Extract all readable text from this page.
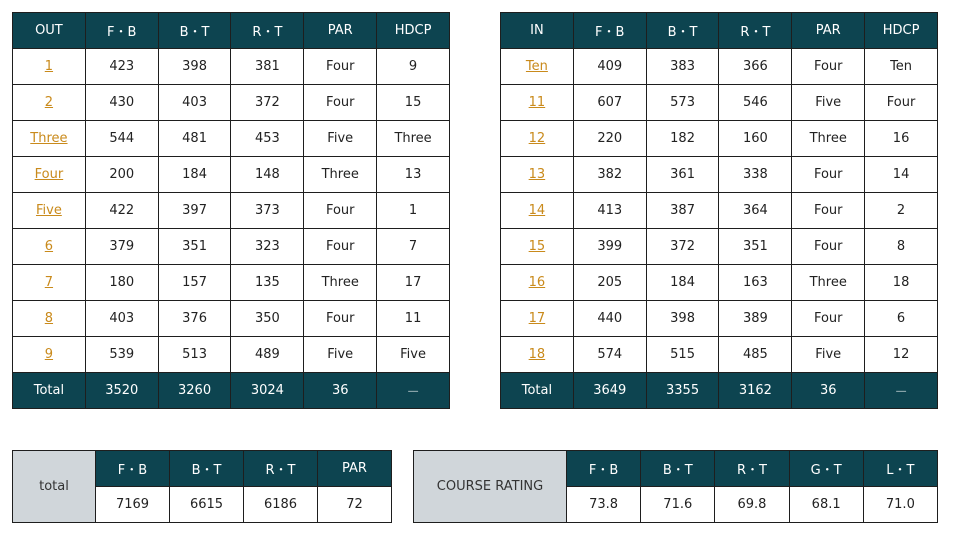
OUT	F・B	B・T	R・T	PAR	HDCP
1	423	398	381	Four	9
2	430	403	372	Four	15
Three	544	481	453	Five	Three
Four	200	184	148	Three	13
Five	422	397	373	Four	1
6	379	351	323	Four	7
7	180	157	135	Three	17
8	403	376	350	Four	11
9	539	513	489	Five	Five
Total	3520	3260	3024	36	－
IN	F・B	B・T	R・T	PAR	HDCP
Ten	409	383	366	Four	Ten
11	607	573	546	Five	Four
12	220	182	160	Three	16
13	382	361	338	Four	14
14	413	387	364	Four	2
15	399	372	351	Four	8
16	205	184	163	Three	18
17	440	398	389	Four	6
18	574	515	485	Five	12
Total	3649	3355	3162	36	－
total	F・B	B・T	R・T	PAR
	7169	6615	6186	72
COURSE RATING	F・B	B・T	R・T	G・T	L・T
	73.8	71.6	69.8	68.1	71.0
